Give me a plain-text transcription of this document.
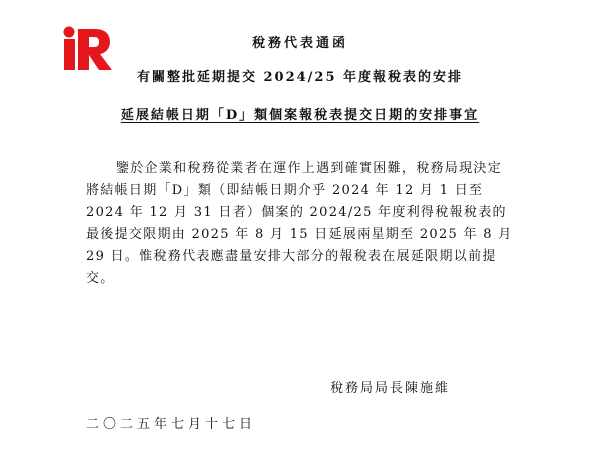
稅務代表通函
有關整批延期提交 2024/25 年度報稅表的安排
延展結帳日期「D」類個案報稅表提交日期的安排事宜

鑒於企業和稅務從業者在運作上遇到確實困難，稅務局現決定將結帳日期「D」類（即結帳日期介乎 2024 年 12 月 1 日至 2024 年 12 月 31 日者）個案的 2024/25 年度利得稅報稅表的最後提交限期由 2025 年 8 月 15 日延展兩星期至 2025 年 8 月 29 日。惟稅務代表應盡量安排大部分的報稅表在展延限期以前提交。

稅務局局長陳施維
二〇二五年七月十七日
